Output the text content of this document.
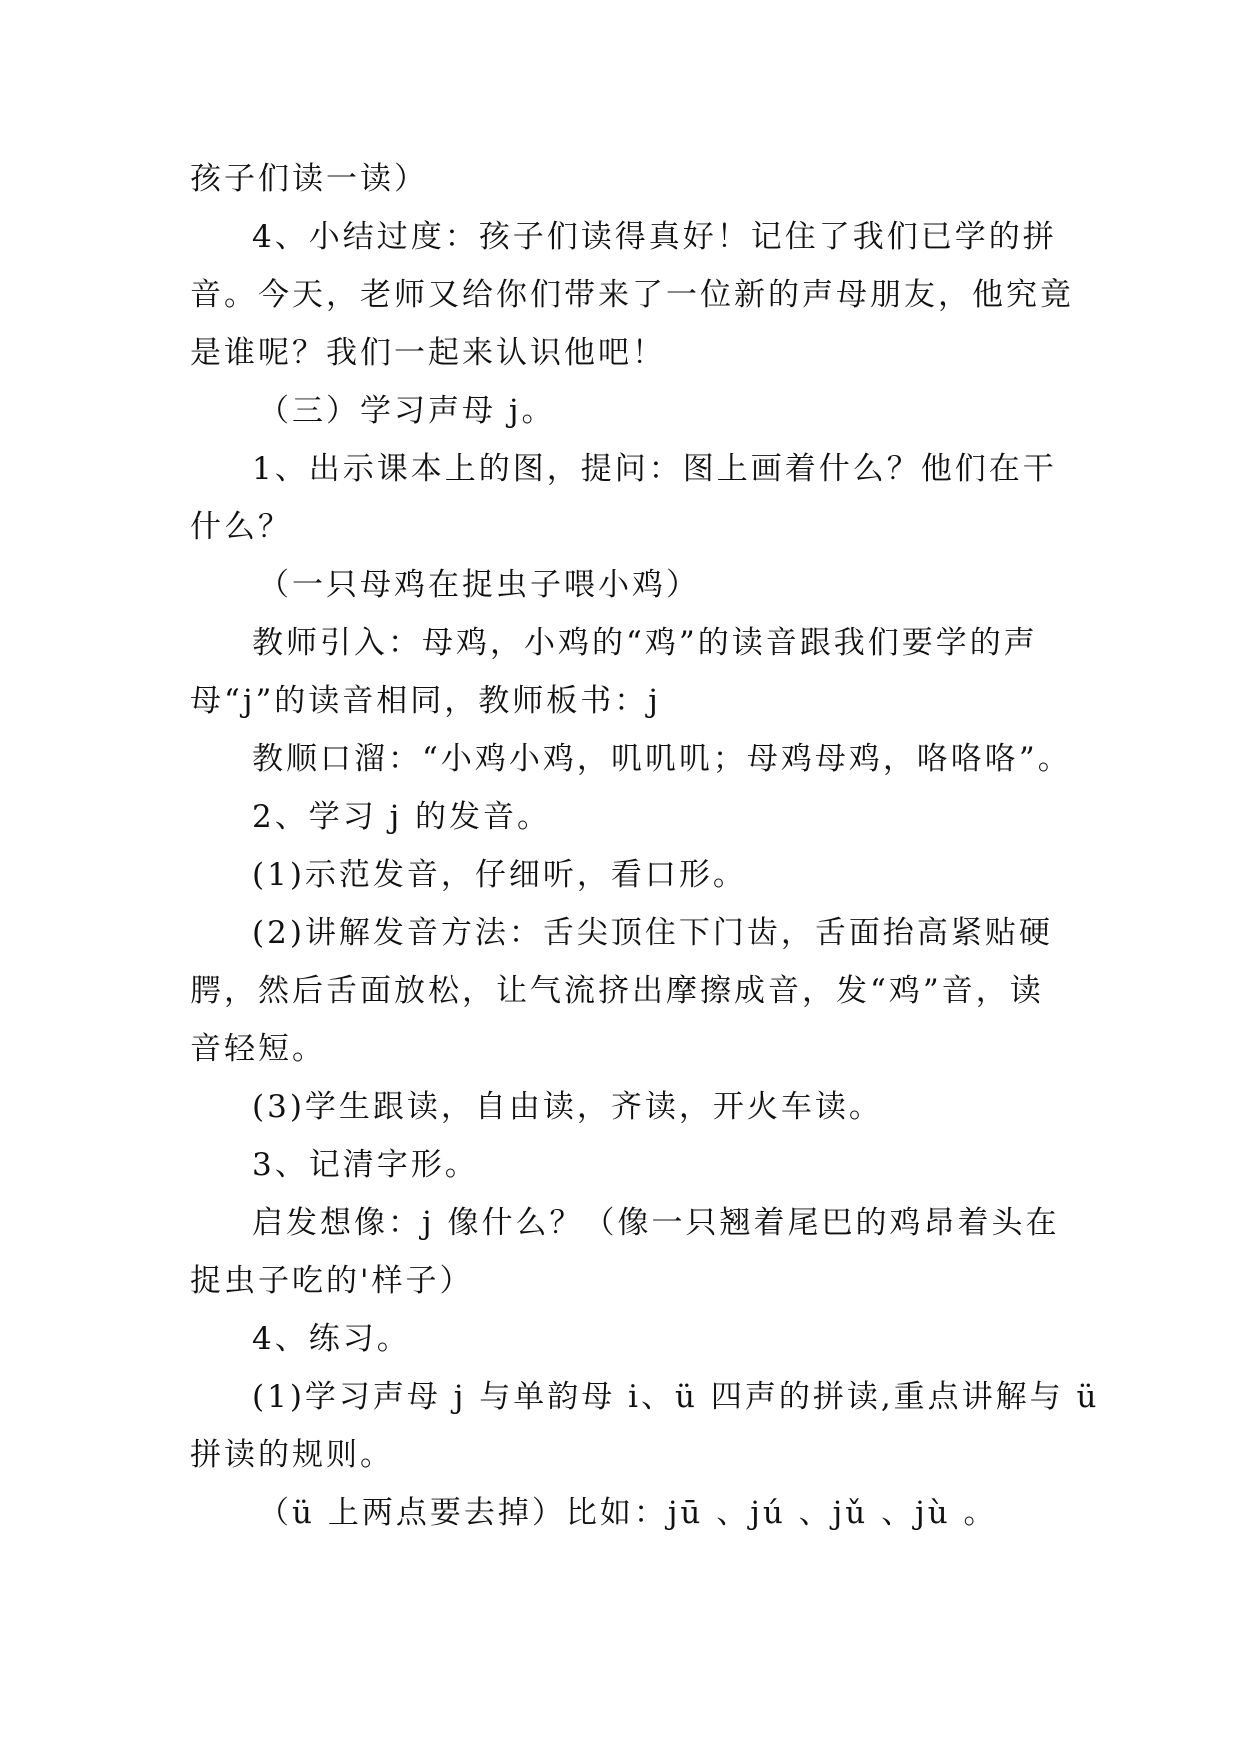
孩子们读一读）
4、小结过度：孩子们读得真好！记住了我们已学的拼
音。今天，老师又给你们带来了一位新的声母朋友，他究竟
是谁呢？我们一起来认识他吧！
（三）学习声母 j。
1、出示课本上的图，提问：图上画着什么？他们在干
什么？
（一只母鸡在捉虫子喂小鸡）
教师引入：母鸡，小鸡的“鸡”的读音跟我们要学的声
母“j”的读音相同，教师板书：j
教顺口溜：“小鸡小鸡，叽叽叽；母鸡母鸡，咯咯咯”。
2、学习 j 的发音。
(1)示范发音，仔细听，看口形。
(2)讲解发音方法：舌尖顶住下门齿，舌面抬高紧贴硬
腭，然后舌面放松，让气流挤出摩擦成音，发“鸡”音，读
音轻短。
(3)学生跟读，自由读，齐读，开火车读。
3、记清字形。
启发想像：j 像什么？（像一只翘着尾巴的鸡昂着头在
捉虫子吃的'样子）
4、练习。
(1)学习声母 j 与单韵母 i、ü 四声的拼读,重点讲解与 ü
拼读的规则。
（ü 上两点要去掉）比如：jū 、jú 、jǔ 、jù 。
